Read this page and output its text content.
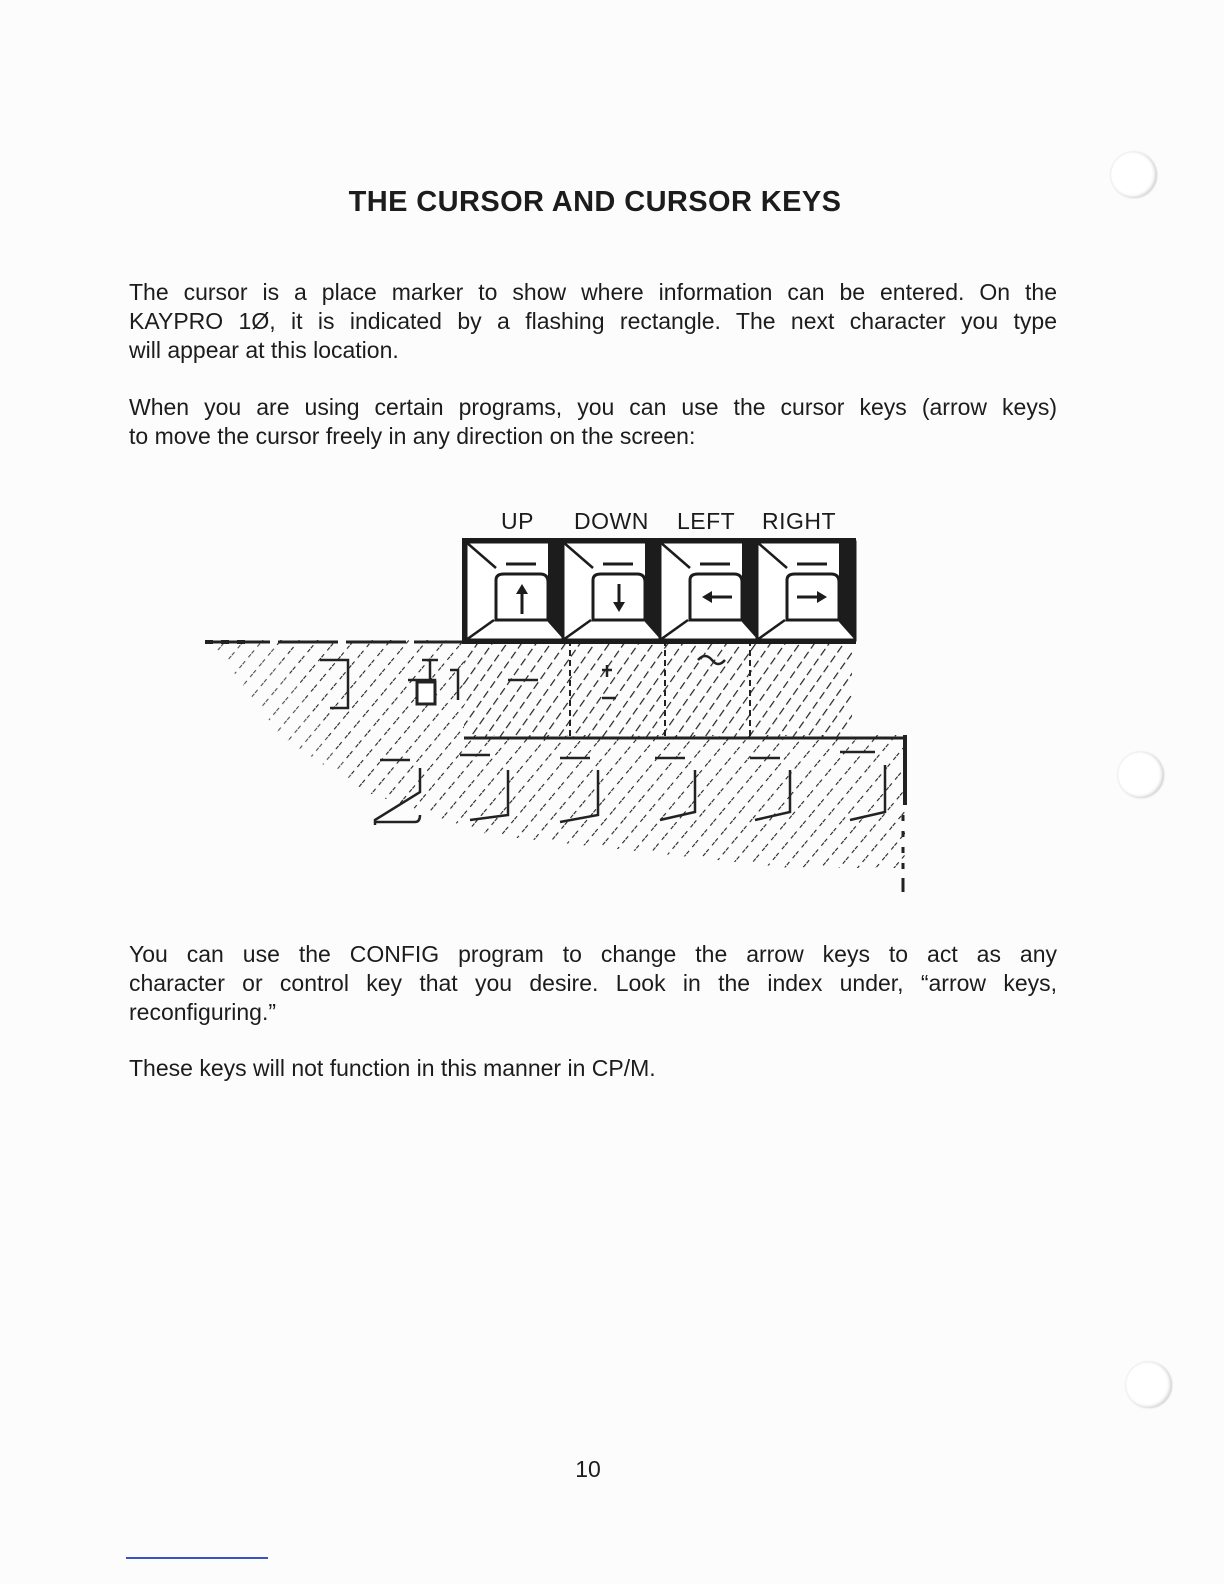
THE CURSOR AND CURSOR KEYS

The cursor is a place marker to show where information can be entered. On the
KAYPRO 1Ø, it is indicated by a flashing rectangle. The next character you type
will appear at this location.

When you are using certain programs, you can use the cursor keys (arrow keys)
to move the cursor freely in any direction on the screen:

UP DOWN LEFT RIGHT

You can use the CONFIG program to change the arrow keys to act as any
character or control key that you desire. Look in the index under, “arrow keys,
reconfiguring.”

These keys will not function in this manner in CP/M.

10
